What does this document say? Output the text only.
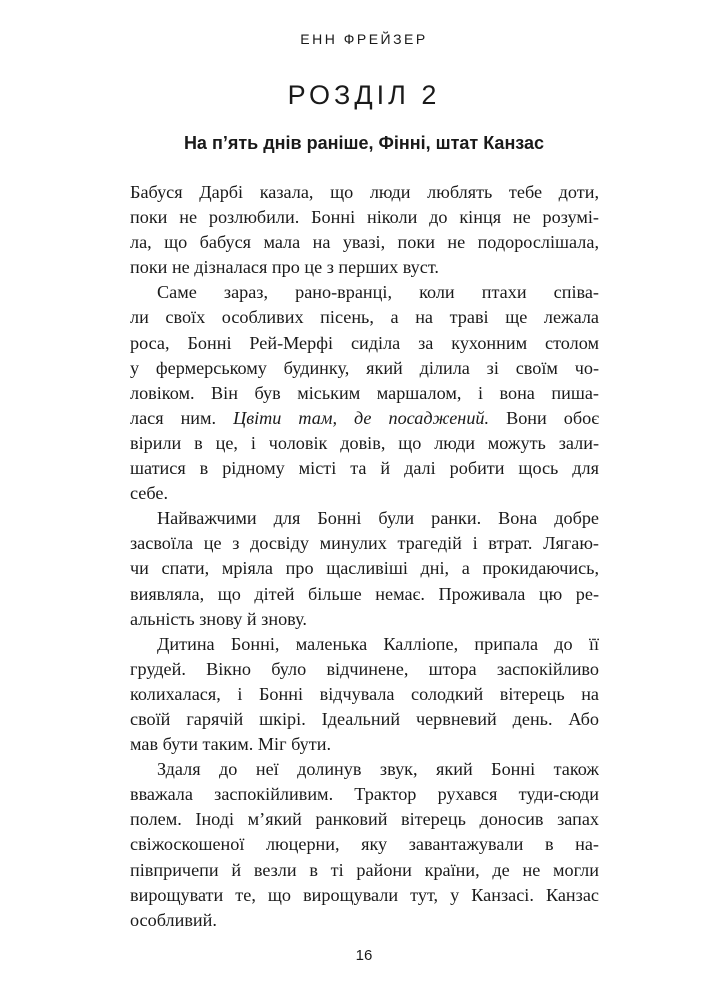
ЕНН ФРЕЙЗЕР
РОЗДІЛ 2
На п’ять днів раніше, Фінні, штат Канзас
Бабуся Дарбі казала, що люди люблять тебе доти,
поки не розлюбили. Бонні ніколи до кінця не розумі-
ла, що бабуся мала на увазі, поки не подорослішала,
поки не дізналася про це з перших вуст.
Саме зараз, рано-вранці, коли птахи співа-
ли своїх особливих пісень, а на траві ще лежала
роса, Бонні Рей-Мерфі сиділа за кухонним столом
у фермерському будинку, який ділила зі своїм чо-
ловіком. Він був міським маршалом, і вона пиша-
лася ним. Цвіти там, де посаджений. Вони обоє
вірили в це, і чоловік довів, що люди можуть зали-
шатися в рідному місті та й далі робити щось для
себе.
Найважчими для Бонні були ранки. Вона добре
засвоїла це з досвіду минулих трагедій і втрат. Лягаю-
чи спати, мріяла про щасливіші дні, а прокидаючись,
виявляла, що дітей більше немає. Проживала цю ре-
альність знову й знову.
Дитина Бонні, маленька Калліопе, припала до її
грудей. Вікно було відчинене, штора заспокійливо
колихалася, і Бонні відчувала солодкий вітерець на
своїй гарячій шкірі. Ідеальний червневий день. Або
мав бути таким. Міг бути.
Здаля до неї долинув звук, який Бонні також
вважала заспокійливим. Трактор рухався туди-сюди
полем. Іноді м’який ранковий вітерець доносив запах
свіжоскошеної люцерни, яку завантажували в на-
півпричепи й везли в ті райони країни, де не могли
вирощувати те, що вирощували тут, у Канзасі. Канзас
особливий.
16
